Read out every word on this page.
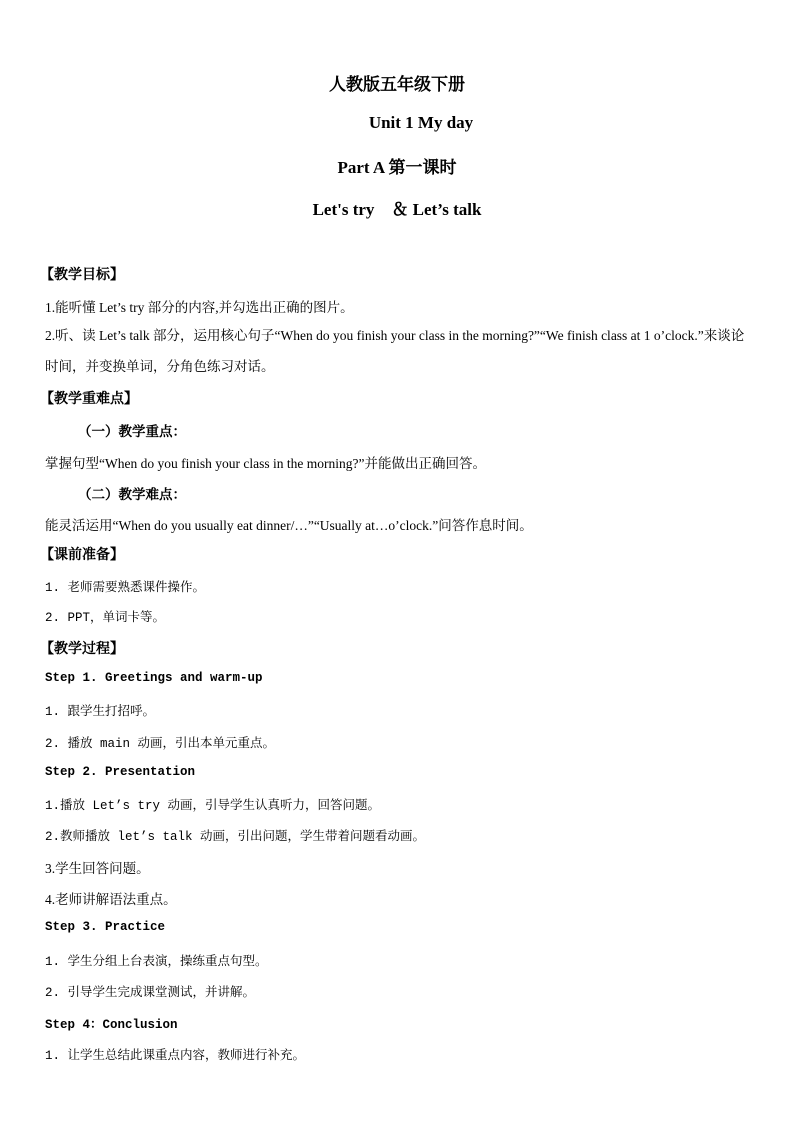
人教版五年级下册
Unit 1 My day
Part A 第一课时
Let's try　＆ Let’s talk
【教学目标】
1.能听懂 Let’s try 部分的内容,并勾选出正确的图片。
2.听、读 Let’s talk 部分，运用核心句子“When do you finish your class in the morning?”“We finish class at 1 o’clock.”来谈论时间，并变换单词，分角色练习对话。
【教学重难点】
（一）教学重点：
掌握句型“When do you finish your class in the morning?”并能做出正确回答。
（二）教学难点：
能灵活运用“When do you usually eat dinner/…”“Usually at…o’clock.”问答作息时间。
【课前准备】
1. 老师需要熟悉课件操作。
2. PPT，单词卡等。
【教学过程】
Step 1. Greetings and warm-up
1. 跟学生打招呼。
2. 播放 main 动画，引出本单元重点。
Step 2. Presentation
1.播放 Let’s try 动画，引导学生认真听力，回答问题。
2.教师播放 let’s talk 动画，引出问题，学生带着问题看动画。
3.学生回答问题。
4.老师讲解语法重点。
Step 3. Practice
1. 学生分组上台表演，操练重点句型。
2. 引导学生完成课堂测试，并讲解。
Step 4：Conclusion
1. 让学生总结此课重点内容，教师进行补充。
